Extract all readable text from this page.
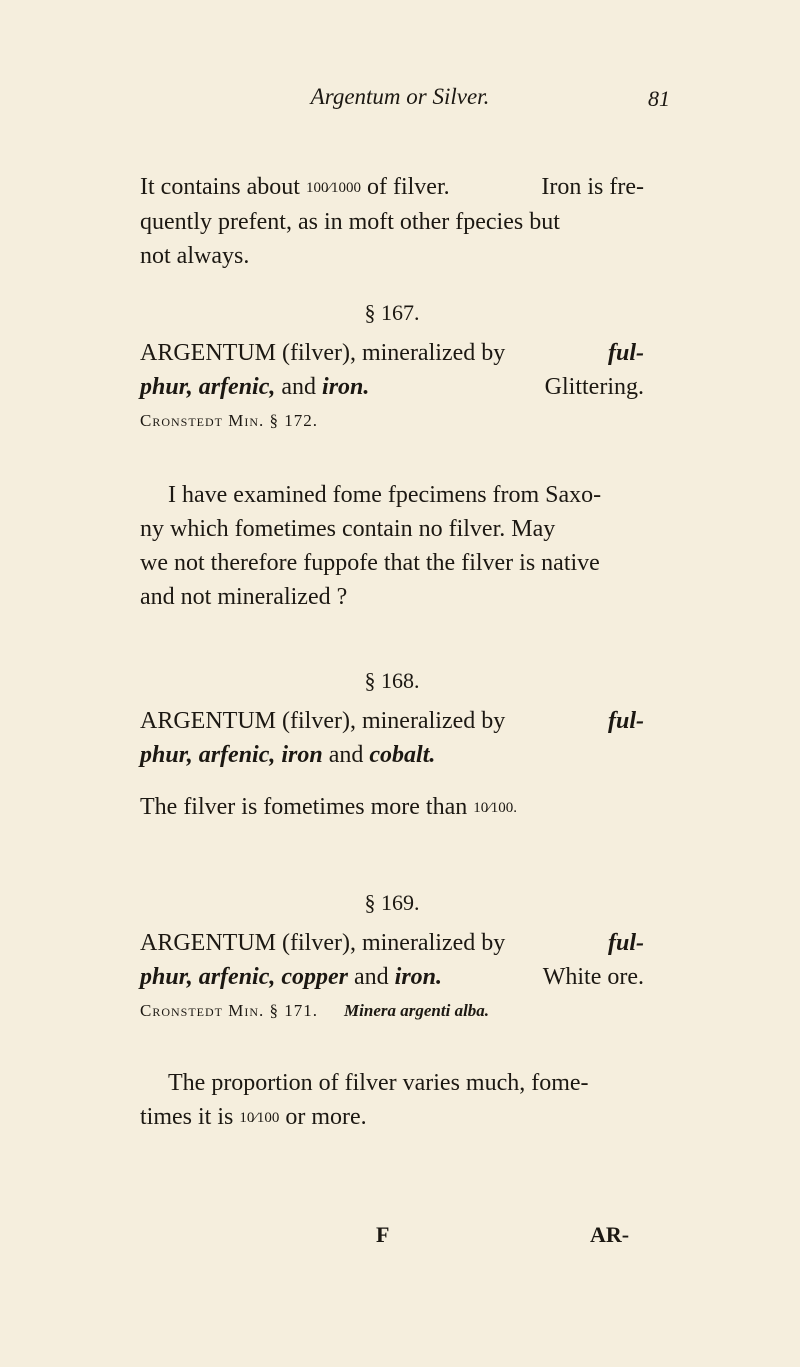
Argentum or Silver.	81
It contains about 100⁄1000 of filver.	Iron is fre-
quently prefent, as in moft other fpecies but
not always.
§ 167.
ARGENTUM (filver), mineralized by	ful-
phur, arfenic, and iron.	Glittering.
Cronstedt Min. § 172.
I have examined fome fpecimens from Saxo-
ny which fometimes contain no filver. May
we not therefore fuppofe that the filver is native
and not mineralized ?
§ 168.
ARGENTUM (filver), mineralized by	ful-
phur, arfenic, iron and cobalt.
The filver is fometimes more than 10⁄100.
§ 169.
ARGENTUM (filver), mineralized by	ful-
phur, arfenic, copper and iron.	White ore.
Cronstedt Min. § 171. Minera argenti alba.
The proportion of filver varies much, fome-
times it is 10⁄100 or more.
F	AR-
